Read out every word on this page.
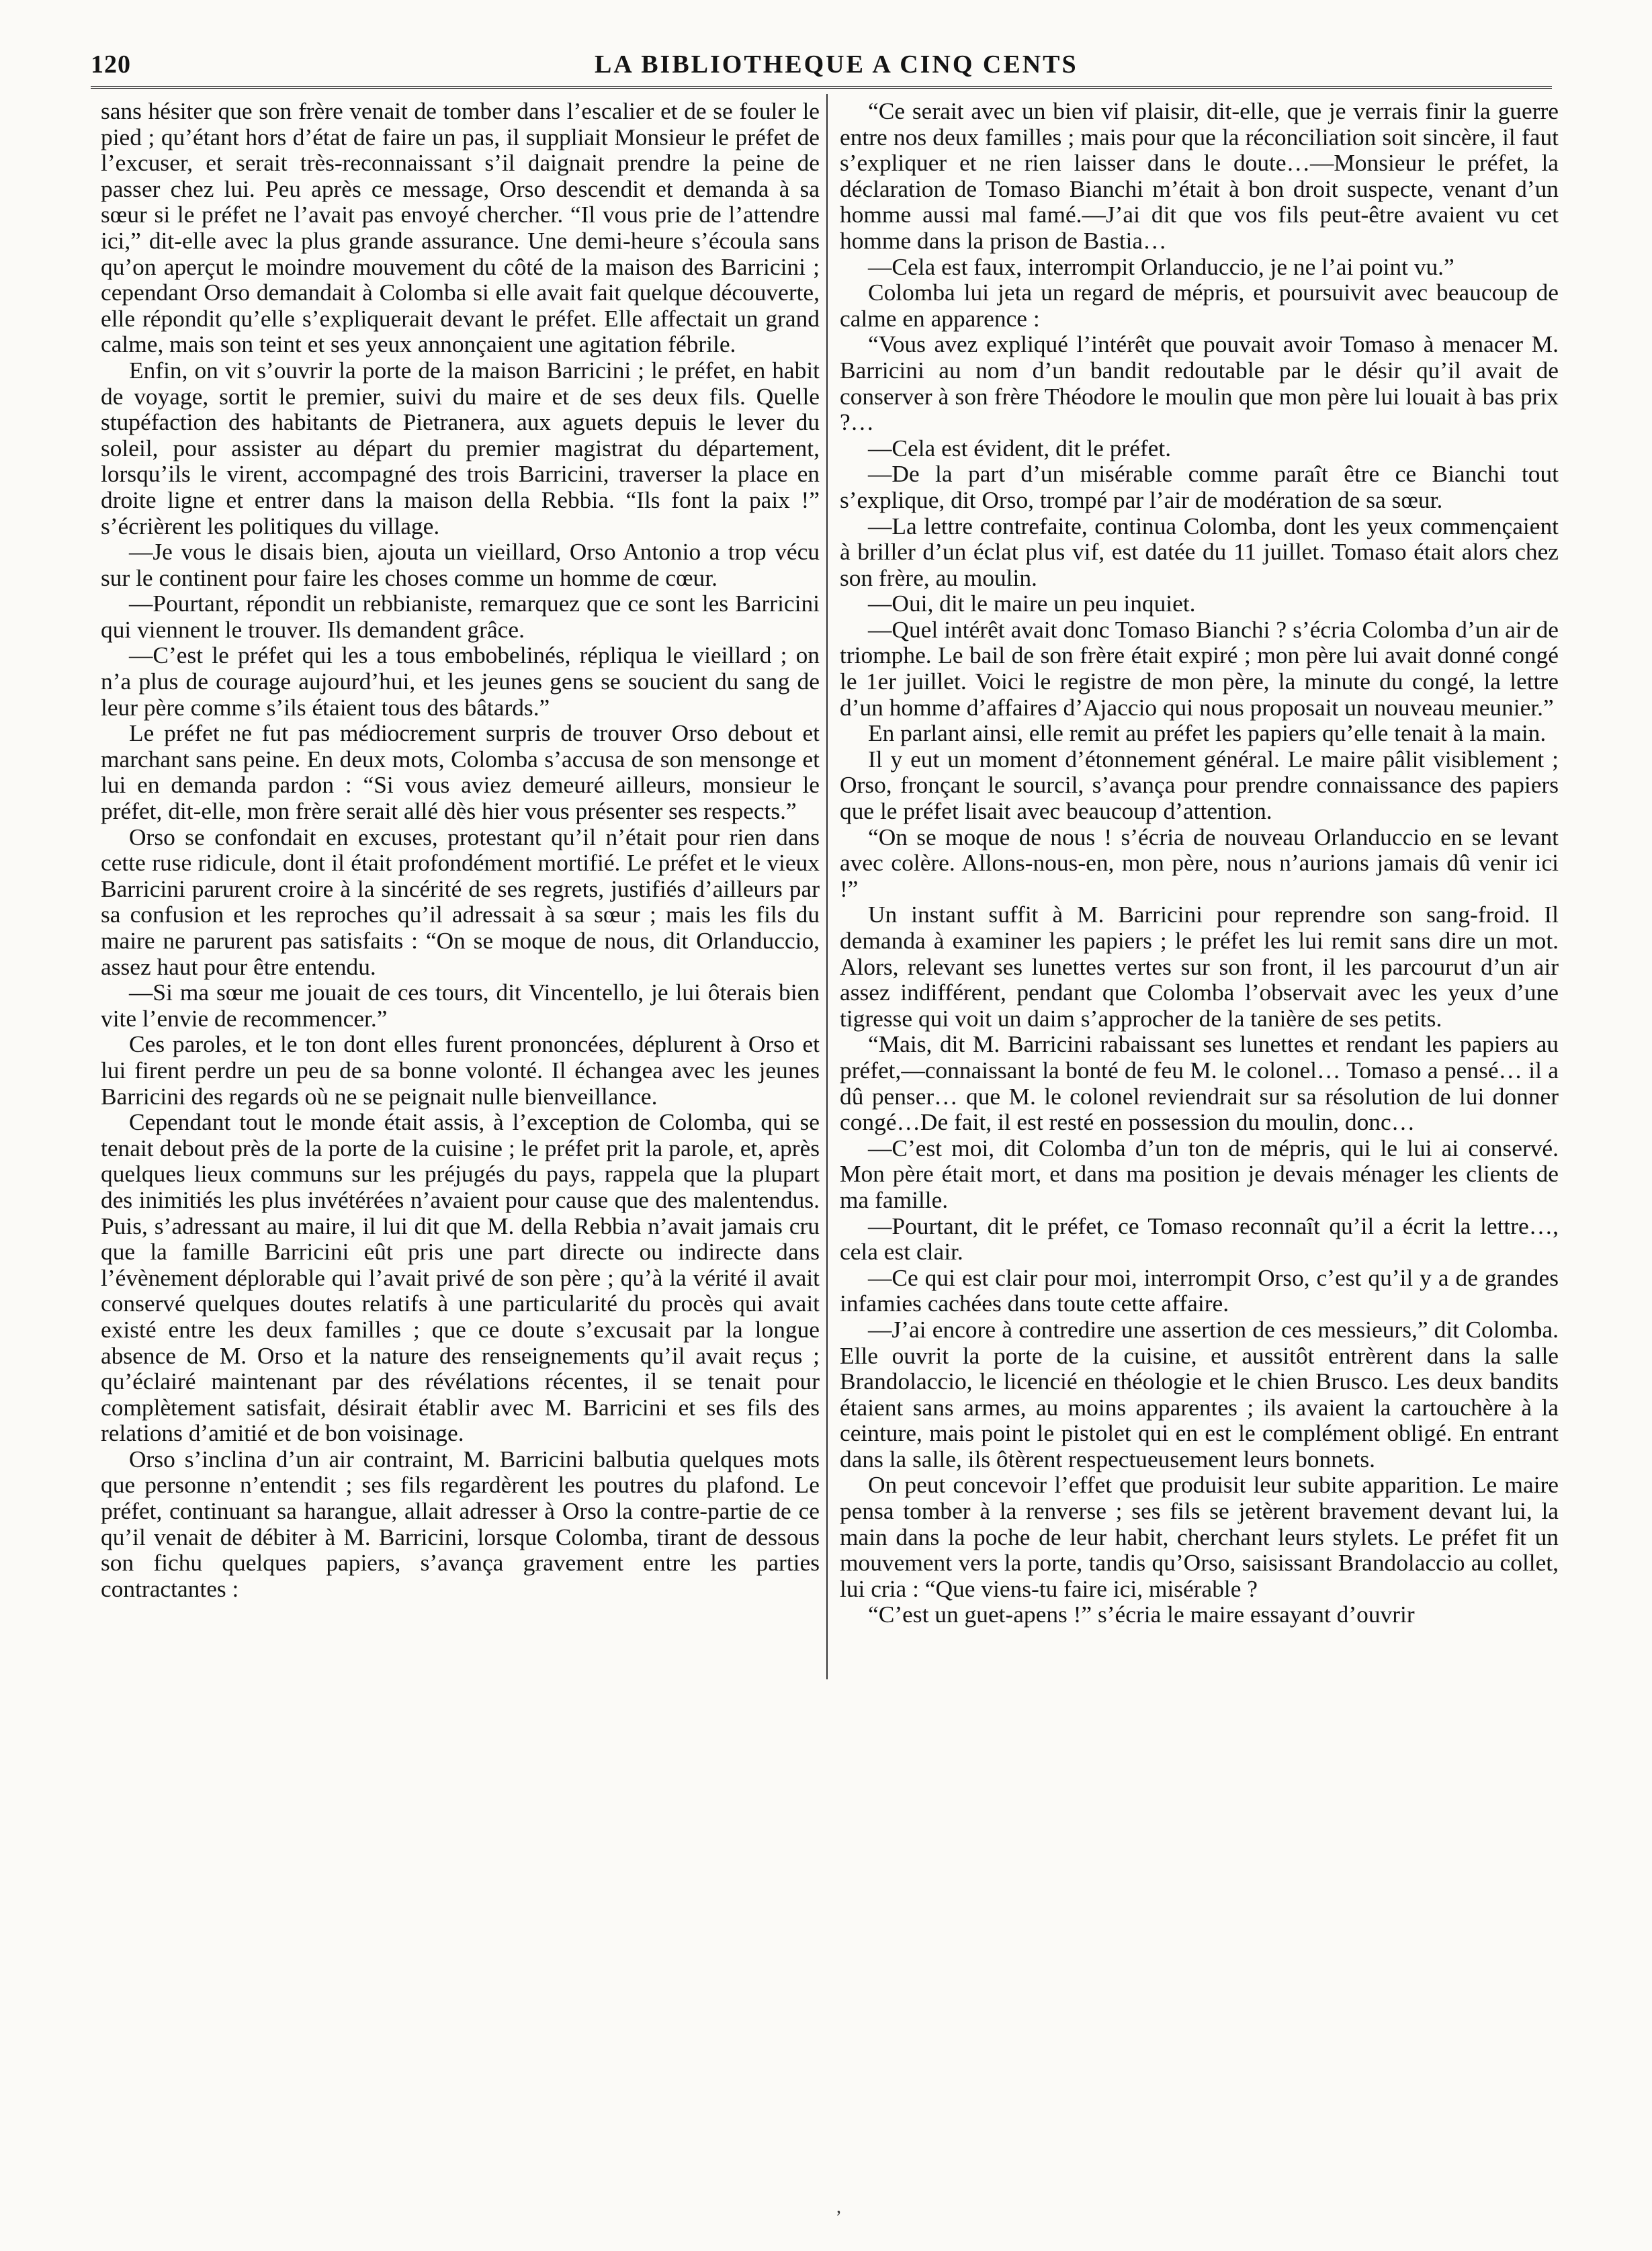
120	LA BIBLIOTHEQUE A CINQ CENTS

sans hésiter que son frère venait de tomber dans l’escalier et de se fouler le pied ; qu’étant hors d’état de faire un pas, il suppliait Monsieur le préfet de l’excuser, et serait très-reconnaissant s’il daignait prendre la peine de passer chez lui. Peu après ce message, Orso descendit et demanda à sa sœur si le préfet ne l’avait pas envoyé chercher. “Il vous prie de l’attendre ici,” dit-elle avec la plus grande assurance. Une demi-heure s’écoula sans qu’on aperçut le moindre mouvement du côté de la maison des Barricini ; cependant Orso demandait à Colomba si elle avait fait quelque découverte, elle répondit qu’elle s’expliquerait devant le préfet. Elle affectait un grand calme, mais son teint et ses yeux annonçaient une agitation fébrile.

Enfin, on vit s’ouvrir la porte de la maison Barricini ; le préfet, en habit de voyage, sortit le premier, suivi du maire et de ses deux fils. Quelle stupéfaction des habitants de Pietranera, aux aguets depuis le lever du soleil, pour assister au départ du premier magistrat du département, lorsqu’ils le virent, accompagné des trois Barricini, traverser la place en droite ligne et entrer dans la maison della Rebbia. “Ils font la paix !” s’écrièrent les politiques du village.

—Je vous le disais bien, ajouta un vieillard, Orso Antonio a trop vécu sur le continent pour faire les choses comme un homme de cœur.

—Pourtant, répondit un rebbianiste, remarquez que ce sont les Barricini qui viennent le trouver. Ils demandent grâce.

—C’est le préfet qui les a tous embobelinés, répliqua le vieillard ; on n’a plus de courage aujourd’hui, et les jeunes gens se soucient du sang de leur père comme s’ils étaient tous des bâtards.”

Le préfet ne fut pas médiocrement surpris de trouver Orso debout et marchant sans peine. En deux mots, Colomba s’accusa de son mensonge et lui en demanda pardon : “Si vous aviez demeuré ailleurs, monsieur le préfet, dit-elle, mon frère serait allé dès hier vous présenter ses respects.”

Orso se confondait en excuses, protestant qu’il n’était pour rien dans cette ruse ridicule, dont il était profondément mortifié. Le préfet et le vieux Barricini parurent croire à la sincérité de ses regrets, justifiés d’ailleurs par sa confusion et les reproches qu’il adressait à sa sœur ; mais les fils du maire ne parurent pas satisfaits : “On se moque de nous, dit Orlanduccio, assez haut pour être entendu.

—Si ma sœur me jouait de ces tours, dit Vincentello, je lui ôterais bien vite l’envie de recommencer.”

Ces paroles, et le ton dont elles furent prononcées, déplurent à Orso et lui firent perdre un peu de sa bonne volonté. Il échangea avec les jeunes Barricini des regards où ne se peignait nulle bienveillance.

Cependant tout le monde était assis, à l’exception de Colomba, qui se tenait debout près de la porte de la cuisine ; le préfet prit la parole, et, après quelques lieux communs sur les préjugés du pays, rappela que la plupart des inimitiés les plus invétérées n’avaient pour cause que des malentendus. Puis, s’adressant au maire, il lui dit que M. della Rebbia n’avait jamais cru que la famille Barricini eût pris une part directe ou indirecte dans l’évènement déplorable qui l’avait privé de son père ; qu’à la vérité il avait conservé quelques doutes relatifs à une particularité du procès qui avait existé entre les deux familles ; que ce doute s’excusait par la longue absence de M. Orso et la nature des renseignements qu’il avait reçus ; qu’éclairé maintenant par des révélations récentes, il se tenait pour complètement satisfait, désirait établir avec M. Barricini et ses fils des relations d’amitié et de bon voisinage.

Orso s’inclina d’un air contraint, M. Barricini balbutia quelques mots que personne n’entendit ; ses fils regardèrent les poutres du plafond. Le préfet, continuant sa harangue, allait adresser à Orso la contre-partie de ce qu’il venait de débiter à M. Barricini, lorsque Colomba, tirant de dessous son fichu quelques papiers, s’avança gravement entre les parties contractantes :

“Ce serait avec un bien vif plaisir, dit-elle, que je verrais finir la guerre entre nos deux familles ; mais pour que la réconciliation soit sincère, il faut s’expliquer et ne rien laisser dans le doute…—Monsieur le préfet, la déclaration de Tomaso Bianchi m’était à bon droit suspecte, venant d’un homme aussi mal famé.—J’ai dit que vos fils peut-être avaient vu cet homme dans la prison de Bastia…

—Cela est faux, interrompit Orlanduccio, je ne l’ai point vu.”

Colomba lui jeta un regard de mépris, et poursuivit avec beaucoup de calme en apparence :

“Vous avez expliqué l’intérêt que pouvait avoir Tomaso à menacer M. Barricini au nom d’un bandit redoutable par le désir qu’il avait de conserver à son frère Théodore le moulin que mon père lui louait à bas prix ?…

—Cela est évident, dit le préfet.

—De la part d’un misérable comme paraît être ce Bianchi tout s’explique, dit Orso, trompé par l’air de modération de sa sœur.

—La lettre contrefaite, continua Colomba, dont les yeux commençaient à briller d’un éclat plus vif, est datée du 11 juillet. Tomaso était alors chez son frère, au moulin.

—Oui, dit le maire un peu inquiet.

—Quel intérêt avait donc Tomaso Bianchi ? s’écria Colomba d’un air de triomphe. Le bail de son frère était expiré ; mon père lui avait donné congé le 1er juillet. Voici le registre de mon père, la minute du congé, la lettre d’un homme d’affaires d’Ajaccio qui nous proposait un nouveau meunier.”

En parlant ainsi, elle remit au préfet les papiers qu’elle tenait à la main.

Il y eut un moment d’étonnement général. Le maire pâlit visiblement ; Orso, fronçant le sourcil, s’avança pour prendre connaissance des papiers que le préfet lisait avec beaucoup d’attention.

“On se moque de nous ! s’écria de nouveau Orlanduccio en se levant avec colère. Allons-nous-en, mon père, nous n’aurions jamais dû venir ici !”

Un instant suffit à M. Barricini pour reprendre son sang-froid. Il demanda à examiner les papiers ; le préfet les lui remit sans dire un mot. Alors, relevant ses lunettes vertes sur son front, il les parcourut d’un air assez indifférent, pendant que Colomba l’observait avec les yeux d’une tigresse qui voit un daim s’approcher de la tanière de ses petits.

“Mais, dit M. Barricini rabaissant ses lunettes et rendant les papiers au préfet,—connaissant la bonté de feu M. le colonel… Tomaso a pensé… il a dû penser… que M. le colonel reviendrait sur sa résolution de lui donner congé…De fait, il est resté en possession du moulin, donc…

—C’est moi, dit Colomba d’un ton de mépris, qui le lui ai conservé. Mon père était mort, et dans ma position je devais ménager les clients de ma famille.

—Pourtant, dit le préfet, ce Tomaso reconnaît qu’il a écrit la lettre…, cela est clair.

—Ce qui est clair pour moi, interrompit Orso, c’est qu’il y a de grandes infamies cachées dans toute cette affaire.

—J’ai encore à contredire une assertion de ces messieurs,” dit Colomba. Elle ouvrit la porte de la cuisine, et aussitôt entrèrent dans la salle Brandolaccio, le licencié en théologie et le chien Brusco. Les deux bandits étaient sans armes, au moins apparentes ; ils avaient la cartouchère à la ceinture, mais point le pistolet qui en est le complément obligé. En entrant dans la salle, ils ôtèrent respectueusement leurs bonnets.

On peut concevoir l’effet que produisit leur subite apparition. Le maire pensa tomber à la renverse ; ses fils se jetèrent bravement devant lui, la main dans la poche de leur habit, cherchant leurs stylets. Le préfet fit un mouvement vers la porte, tandis qu’Orso, saisissant Brandolaccio au collet, lui cria : “Que viens-tu faire ici, misérable ?

“C’est un guet-apens !” s’écria le maire essayant d’ouvrir

,
